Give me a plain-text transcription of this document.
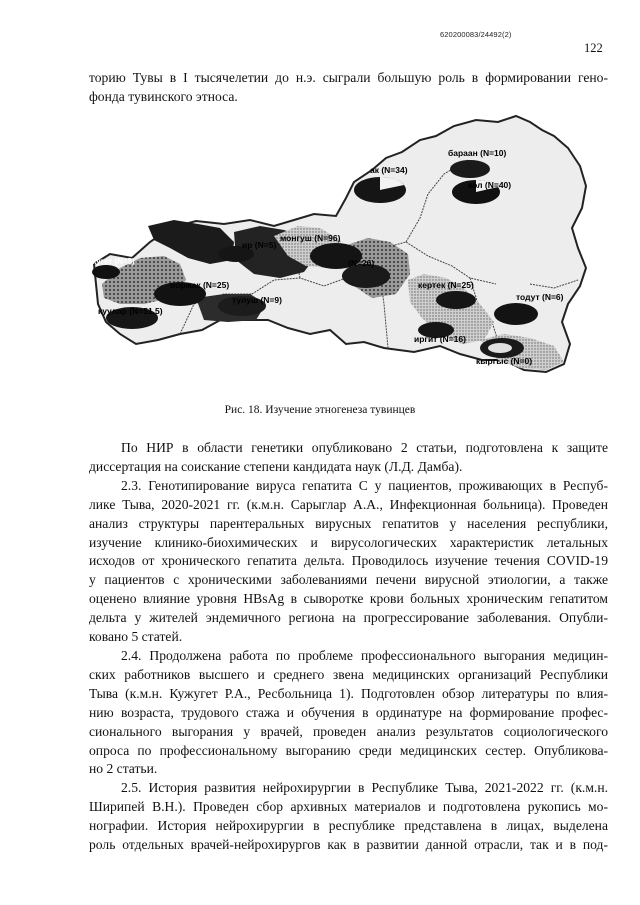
620200083/24492(2)
122
торию Тувы в I тысячелетии до н.э. сыграли большую роль в формировании гено-
фонда тувинского этноса.
бараан (N=10)
ак (N=34)
кол (N=40)
монгуш (N=96)
ир (N=5)
кужугет (N=5)	(N=26)
ооржак (N=25)
тулуш (N=9)
кертек (N=25)
тодут (N=6)
куулар (N=51.5)
иргит (N=16)
кыргыс (N=0)
Рис. 18. Изучение этногенеза тувинцев
По НИР в области генетики опубликовано 2 статьи, подготовлена к защите
диссертация на соискание степени кандидата наук (Л.Д. Дамба).
2.3. Генотипирование вируса гепатита С у пациентов, проживающих в Респуб-
лике Тыва, 2020-2021 гг. (к.м.н. Сарыглар А.А., Инфекционная больница). Проведен
анализ структуры парентеральных вирусных гепатитов у населения республики,
изучение клинико-биохимических и вирусологических характеристик летальных
исходов от хронического гепатита дельта. Проводилось изучение течения COVID-19
у пациентов с хроническими заболеваниями печени вирусной этиологии, а также
оценено влияние уровня HBsAg в сыворотке крови больных хроническим гепатитом
дельта у жителей эндемичного региона на прогрессирование заболевания. Опубли-
ковано 5 статей.
2.4. Продолжена работа по проблеме профессионального выгорания медицин-
ских работников высшего и среднего звена медицинских организаций Республики
Тыва (к.м.н. Кужугет Р.А., Ресбольница 1). Подготовлен обзор литературы по влия-
нию возраста, трудового стажа и обучения в ординатуре на формирование профес-
сионального выгорания у врачей, проведен анализ результатов социологического
опроса по профессиональному выгоранию среди медицинских сестер. Опубликова-
но 2 статьи.
2.5. История развития нейрохирургии в Республике Тыва, 2021-2022 гг. (к.м.н.
Ширипей В.Н.). Проведен сбор архивных материалов и подготовлена рукопись мо-
нографии. История нейрохирургии в республике представлена в лицах, выделена
роль отдельных врачей-нейрохирургов как в развитии данной отрасли, так и в под-
